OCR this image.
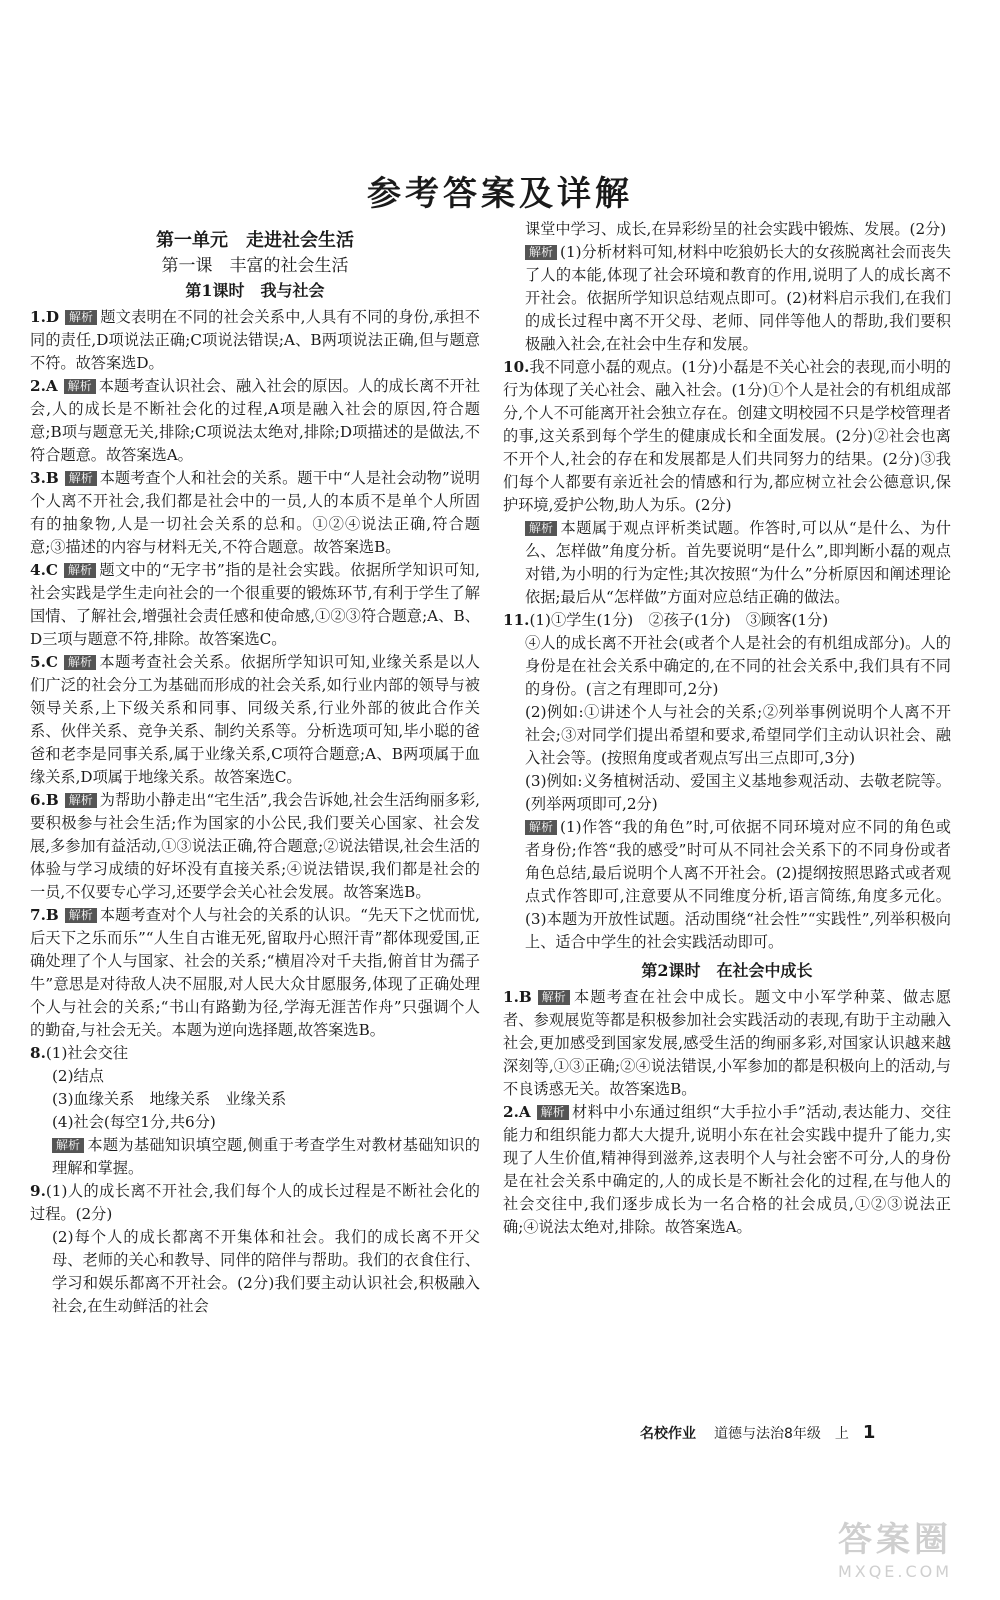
参考答案及详解
第一单元　走进社会生活
第一课　丰富的社会生活
第1课时　我与社会

1.D 解析 题文表明在不同的社会关系中,人具有不同的身份,承担不同的责任,D项说法正确;C项说法错误;A、B两项说法正确,但与题意不符。故答案选D。

2.A 解析 本题考查认识社会、融入社会的原因。人的成长离不开社会,人的成长是不断社会化的过程,A项是融入社会的原因,符合题意;B项与题意无关,排除;C项说法太绝对,排除;D项描述的是做法,不符合题意。故答案选A。

3.B 解析 本题考查个人和社会的关系。题干中“人是社会动物”说明个人离不开社会,我们都是社会中的一员,人的本质不是单个人所固有的抽象物,人是一切社会关系的总和。①②④说法正确,符合题意;③描述的内容与材料无关,不符合题意。故答案选B。

4.C 解析 题文中的“无字书”指的是社会实践。依据所学知识可知,社会实践是学生走向社会的一个很重要的锻炼环节,有利于学生了解国情、了解社会,增强社会责任感和使命感,①②③符合题意;A、B、D三项与题意不符,排除。故答案选C。

5.C 解析 本题考查社会关系。依据所学知识可知,业缘关系是以人们广泛的社会分工为基础而形成的社会关系,如行业内部的领导与被领导关系,上下级关系和同事、同级关系,行业外部的彼此合作关系、伙伴关系、竞争关系、制约关系等。分析选项可知,毕小聪的爸爸和老李是同事关系,属于业缘关系,C项符合题意;A、B两项属于血缘关系,D项属于地缘关系。故答案选C。

6.B 解析 为帮助小静走出“宅生活”,我会告诉她,社会生活绚丽多彩,要积极参与社会生活;作为国家的小公民,我们要关心国家、社会发展,多参加有益活动,①③说法正确,符合题意;②说法错误,社会生活的体验与学习成绩的好坏没有直接关系;④说法错误,我们都是社会的一员,不仅要专心学习,还要学会关心社会发展。故答案选B。

7.B 解析 本题考查对个人与社会的关系的认识。“先天下之忧而忧,后天下之乐而乐”“人生自古谁无死,留取丹心照汗青”都体现爱国,正确处理了个人与国家、社会的关系;“横眉冷对千夫指,俯首甘为孺子牛”意思是对待敌人决不屈服,对人民大众甘愿服务,体现了正确处理个人与社会的关系;“书山有路勤为径,学海无涯苦作舟”只强调个人的勤奋,与社会无关。本题为逆向选择题,故答案选B。

8.(1)社会交往

(2)结点

(3)血缘关系　地缘关系　业缘关系

(4)社会(每空1分,共6分)

解析 本题为基础知识填空题,侧重于考查学生对教材基础知识的理解和掌握。

9.(1)人的成长离不开社会,我们每个人的成长过程是不断社会化的过程。(2分)

(2)每个人的成长都离不开集体和社会。我们的成长离不开父母、老师的关心和教导、同伴的陪伴与帮助。我们的衣食住行、学习和娱乐都离不开社会。(2分)我们要主动认识社会,积极融入社会,在生动鲜活的社会

课堂中学习、成长,在异彩纷呈的社会实践中锻炼、发展。(2分)

解析 (1)分析材料可知,材料中吃狼奶长大的女孩脱离社会而丧失了人的本能,体现了社会环境和教育的作用,说明了人的成长离不开社会。依据所学知识总结观点即可。(2)材料启示我们,在我们的成长过程中离不开父母、老师、同伴等他人的帮助,我们要积极融入社会,在社会中生存和发展。

10.我不同意小磊的观点。(1分)小磊是不关心社会的表现,而小明的行为体现了关心社会、融入社会。(1分)①个人是社会的有机组成部分,个人不可能离开社会独立存在。创建文明校园不只是学校管理者的事,这关系到每个学生的健康成长和全面发展。(2分)②社会也离不开个人,社会的存在和发展都是人们共同努力的结果。(2分)③我们每个人都要有亲近社会的情感和行为,都应树立社会公德意识,保护环境,爱护公物,助人为乐。(2分)

解析 本题属于观点评析类试题。作答时,可以从“是什么、为什么、怎样做”角度分析。首先要说明“是什么”,即判断小磊的观点对错,为小明的行为定性;其次按照“为什么”分析原因和阐述理论依据;最后从“怎样做”方面对应总结正确的做法。

11.(1)①学生(1分)　②孩子(1分)　③顾客(1分)

④人的成长离不开社会(或者个人是社会的有机组成部分)。人的身份是在社会关系中确定的,在不同的社会关系中,我们具有不同的身份。(言之有理即可,2分)

(2)例如:①讲述个人与社会的关系;②列举事例说明个人离不开社会;③对同学们提出希望和要求,希望同学们主动认识社会、融入社会等。(按照角度或者观点写出三点即可,3分)

(3)例如:义务植树活动、爱国主义基地参观活动、去敬老院等。(列举两项即可,2分)

解析 (1)作答“我的角色”时,可依据不同环境对应不同的角色或者身份;作答“我的感受”时可从不同社会关系下的不同身份或者角色总结,最后说明个人离不开社会。(2)提纲按照思路式或者观点式作答即可,注意要从不同维度分析,语言简练,角度多元化。(3)本题为开放性试题。活动围绕“社会性”“实践性”,列举积极向上、适合中学生的社会实践活动即可。

第2课时　在社会中成长

1.B 解析 本题考查在社会中成长。题文中小军学种菜、做志愿者、参观展览等都是积极参加社会实践活动的表现,有助于主动融入社会,更加感受到国家发展,感受生活的绚丽多彩,对国家认识越来越深刻等,①③正确;②④说法错误,小军参加的都是积极向上的活动,与不良诱惑无关。故答案选B。

2.A 解析 材料中小东通过组织“大手拉小手”活动,表达能力、交往能力和组织能力都大大提升,说明小东在社会实践中提升了能力,实现了人生价值,精神得到滋养,这表明个人与社会密不可分,人的身份是在社会关系中确定的,人的成长是不断社会化的过程,在与他人的社会交往中,我们逐步成长为一名合格的社会成员,①②③说法正确;④说法太绝对,排除。故答案选A。

名校作业 道德与法治8年级　上 1
答案圈
MXQE.COM
